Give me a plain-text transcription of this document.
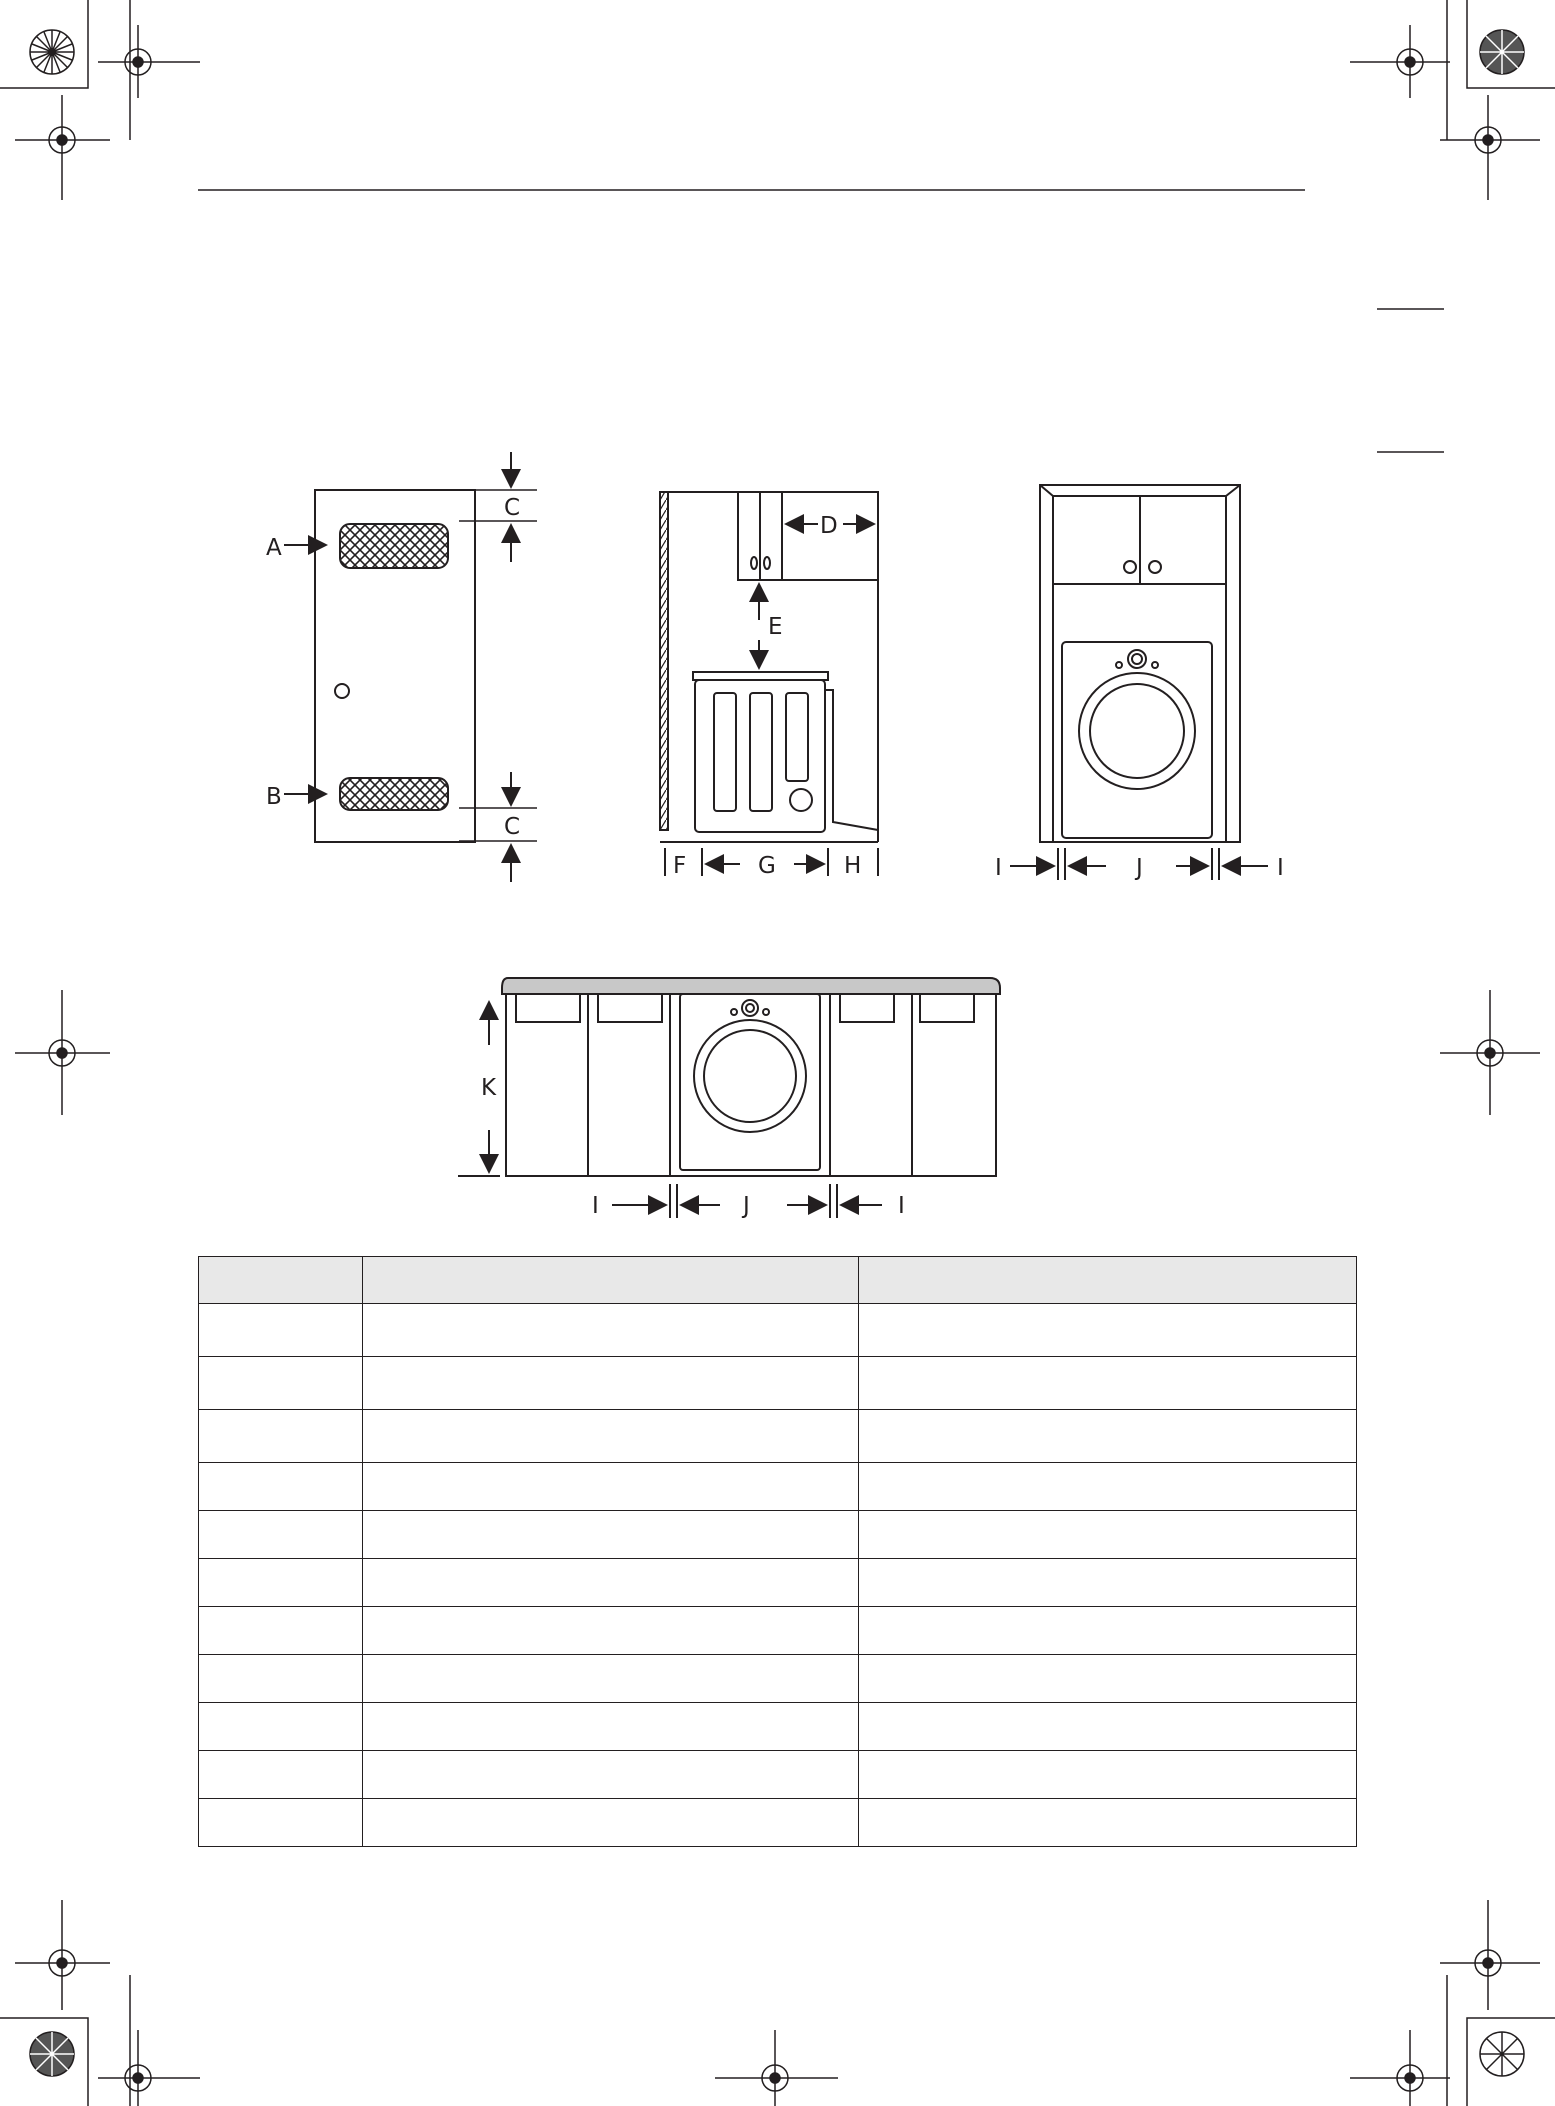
A
B
C
C
D
E
F	G	H	I	J	I
K
I	J	I
